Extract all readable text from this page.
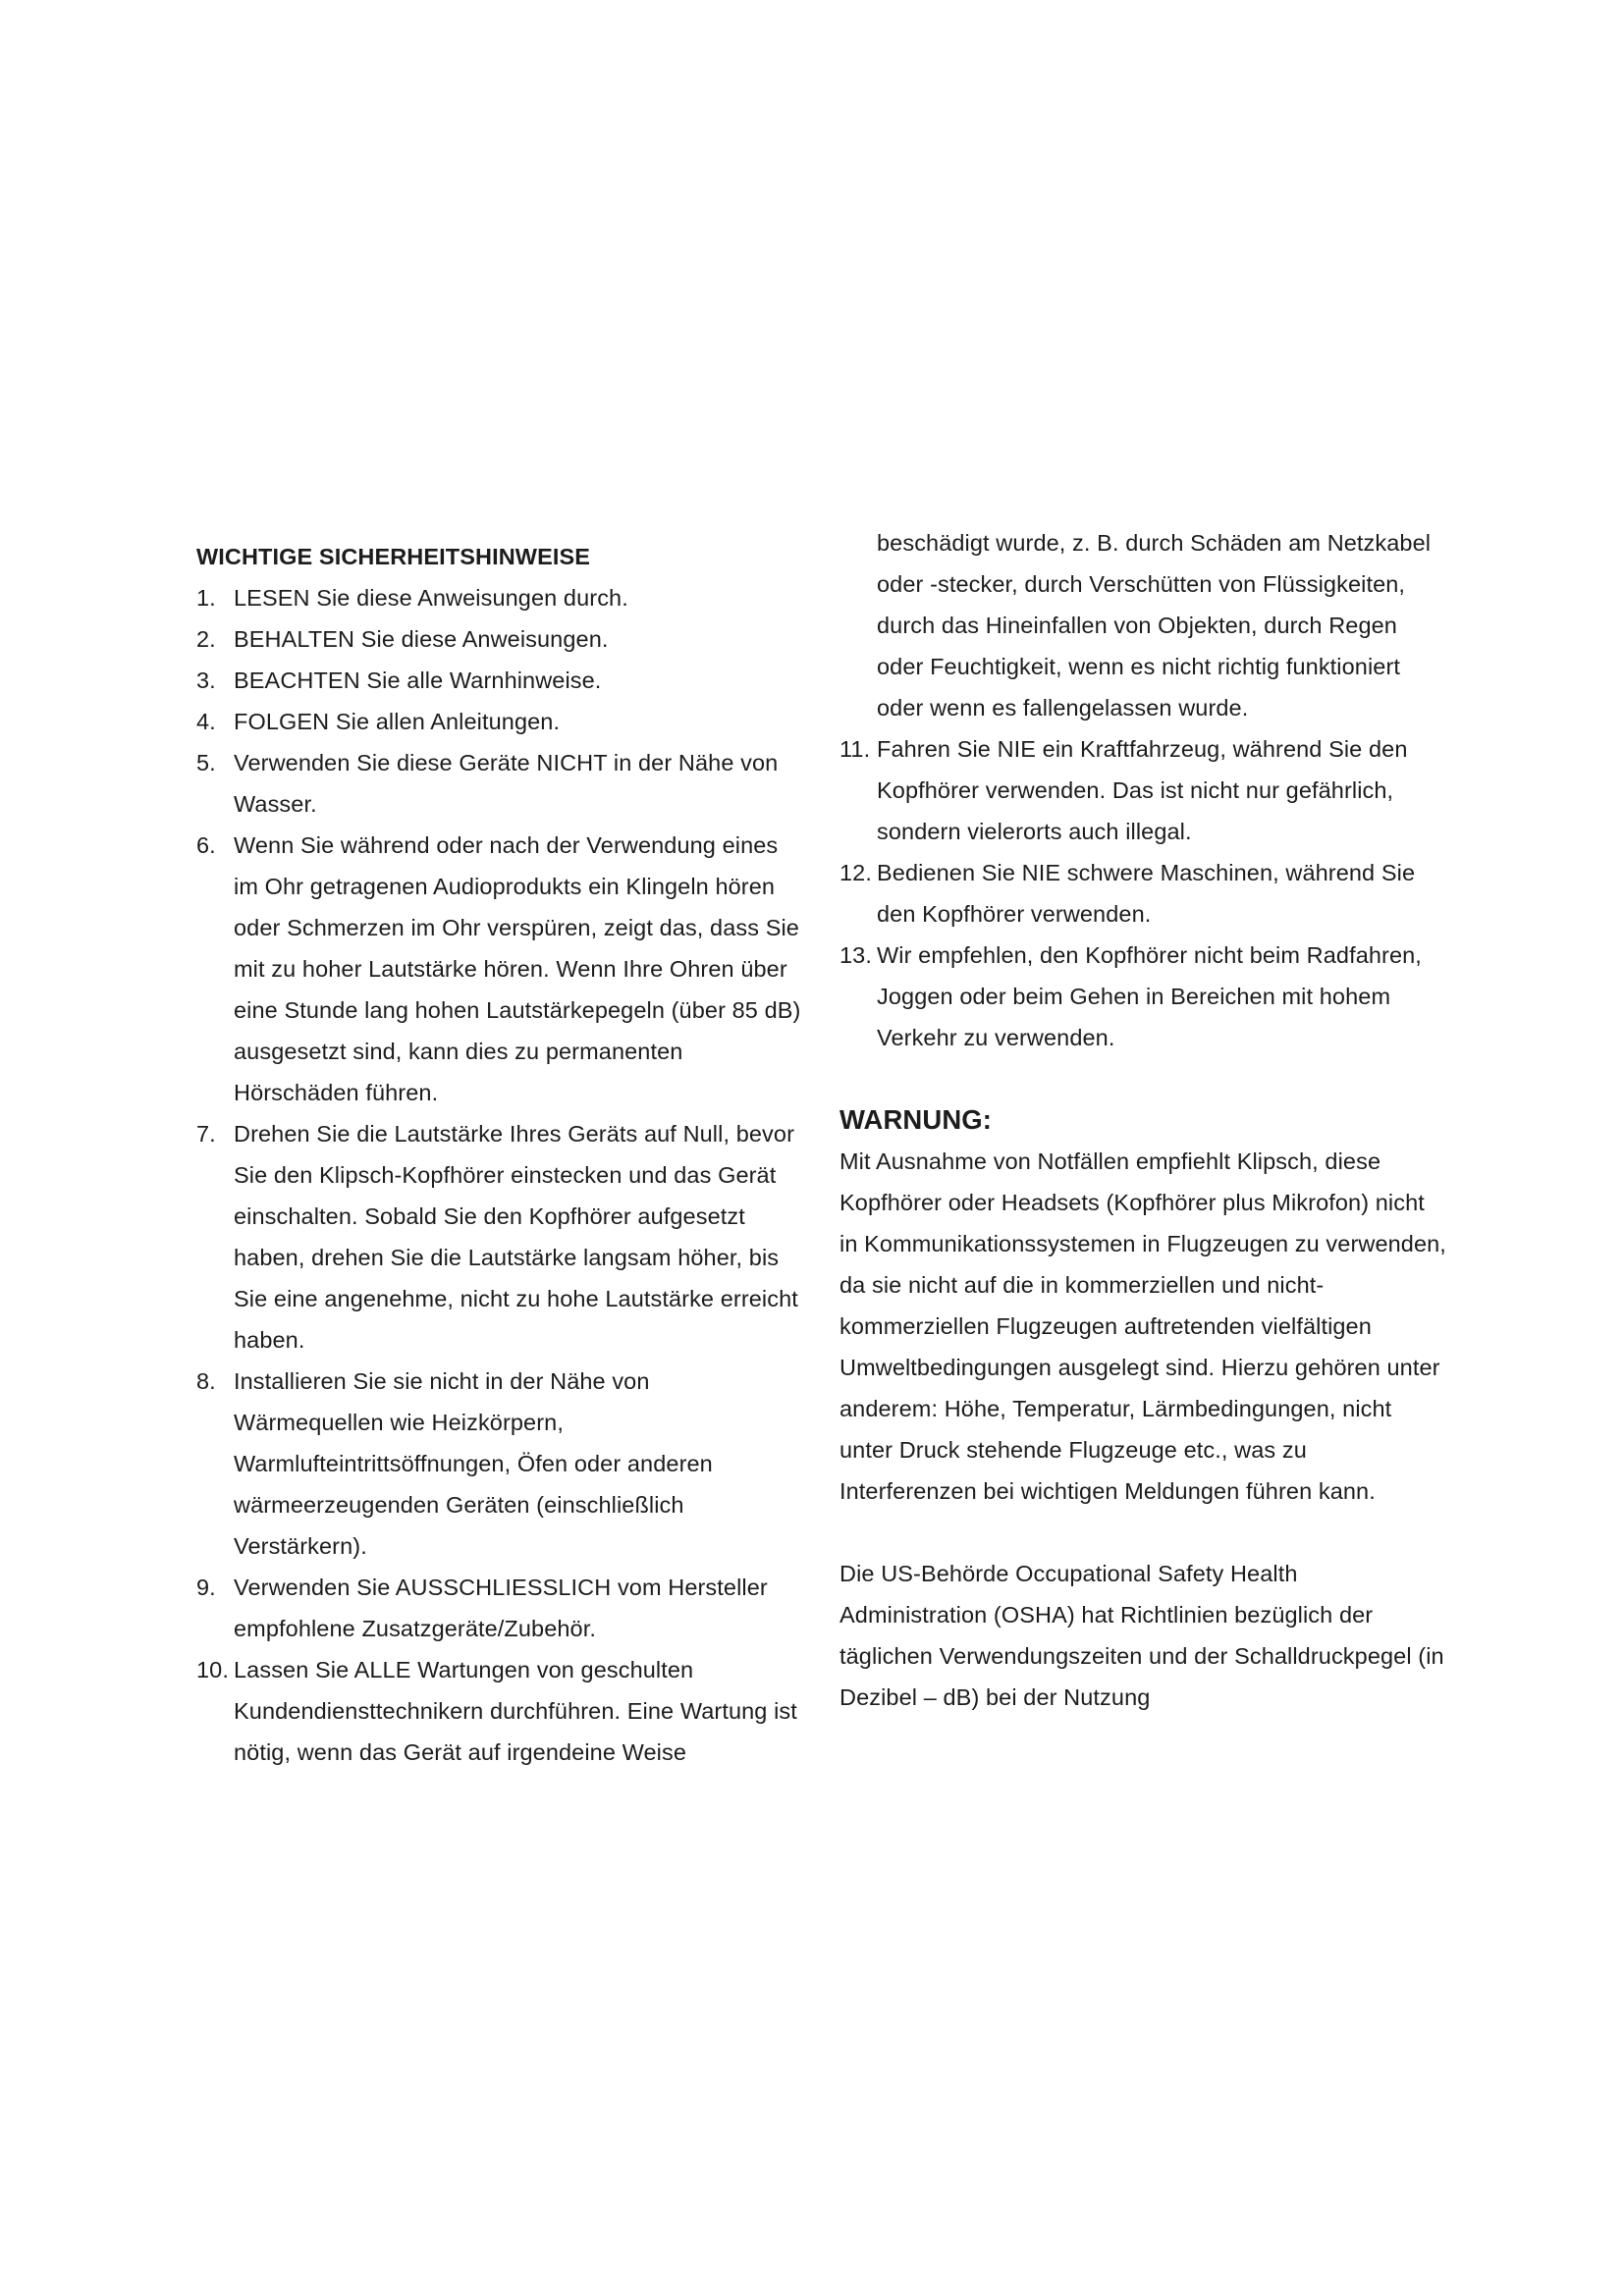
WICHTIGE SICHERHEITSHINWEISE
1. LESEN Sie diese Anweisungen durch.
2. BEHALTEN Sie diese Anweisungen.
3. BEACHTEN Sie alle Warnhinweise.
4. FOLGEN Sie allen Anleitungen.
5. Verwenden Sie diese Geräte NICHT in der Nähe von Wasser.
6. Wenn Sie während oder nach der Verwendung eines im Ohr getragenen Audioprodukts ein Klingeln hören oder Schmerzen im Ohr verspüren, zeigt das, dass Sie mit zu hoher Lautstärke hören. Wenn Ihre Ohren über eine Stunde lang hohen Lautstärkepegeln (über 85 dB) ausgesetzt sind, kann dies zu permanenten Hörschäden führen.
7. Drehen Sie die Lautstärke Ihres Geräts auf Null, bevor Sie den Klipsch-Kopfhörer einstecken und das Gerät einschalten. Sobald Sie den Kopfhörer aufgesetzt haben, drehen Sie die Lautstärke langsam höher, bis Sie eine angenehme, nicht zu hohe Lautstärke erreicht haben.
8. Installieren Sie sie nicht in der Nähe von Wärmequellen wie Heizkörpern, Warmlufteintrittsöffnungen, Öfen oder anderen wärmeerzeugenden Geräten (einschließlich Verstärkern).
9. Verwenden Sie AUSSCHLIESSLICH vom Hersteller empfohlene Zusatzgeräte/Zubehör.
10. Lassen Sie ALLE Wartungen von geschulten Kundendiensttechnikern durchführen. Eine Wartung ist nötig, wenn das Gerät auf irgendeine Weise

beschädigt wurde, z. B. durch Schäden am Netzkabel oder -stecker, durch Verschütten von Flüssigkeiten, durch das Hineinfallen von Objekten, durch Regen oder Feuchtigkeit, wenn es nicht richtig funktioniert oder wenn es fallengelassen wurde.

11. Fahren Sie NIE ein Kraftfahrzeug, während Sie den Kopfhörer verwenden. Das ist nicht nur gefährlich, sondern vielerorts auch illegal.
12. Bedienen Sie NIE schwere Maschinen, während Sie den Kopfhörer verwenden.
13. Wir empfehlen, den Kopfhörer nicht beim Radfahren, Joggen oder beim Gehen in Bereichen mit hohem Verkehr zu verwenden.
WARNUNG:

Mit Ausnahme von Notfällen empfiehlt Klipsch, diese Kopfhörer oder Headsets (Kopfhörer plus Mikrofon) nicht in Kommunikationssystemen in Flugzeugen zu verwenden, da sie nicht auf die in kommerziellen und nicht-kommerziellen Flugzeugen auftretenden vielfältigen Umweltbedingungen ausgelegt sind. Hierzu gehören unter anderem: Höhe, Temperatur, Lärmbedingungen, nicht unter Druck stehende Flugzeuge etc., was zu Interferenzen bei wichtigen Meldungen führen kann.

Die US-Behörde Occupational Safety Health Administration (OSHA) hat Richtlinien bezüglich der täglichen Verwendungszeiten und der Schalldruckpegel (in Dezibel – dB) bei der Nutzung
